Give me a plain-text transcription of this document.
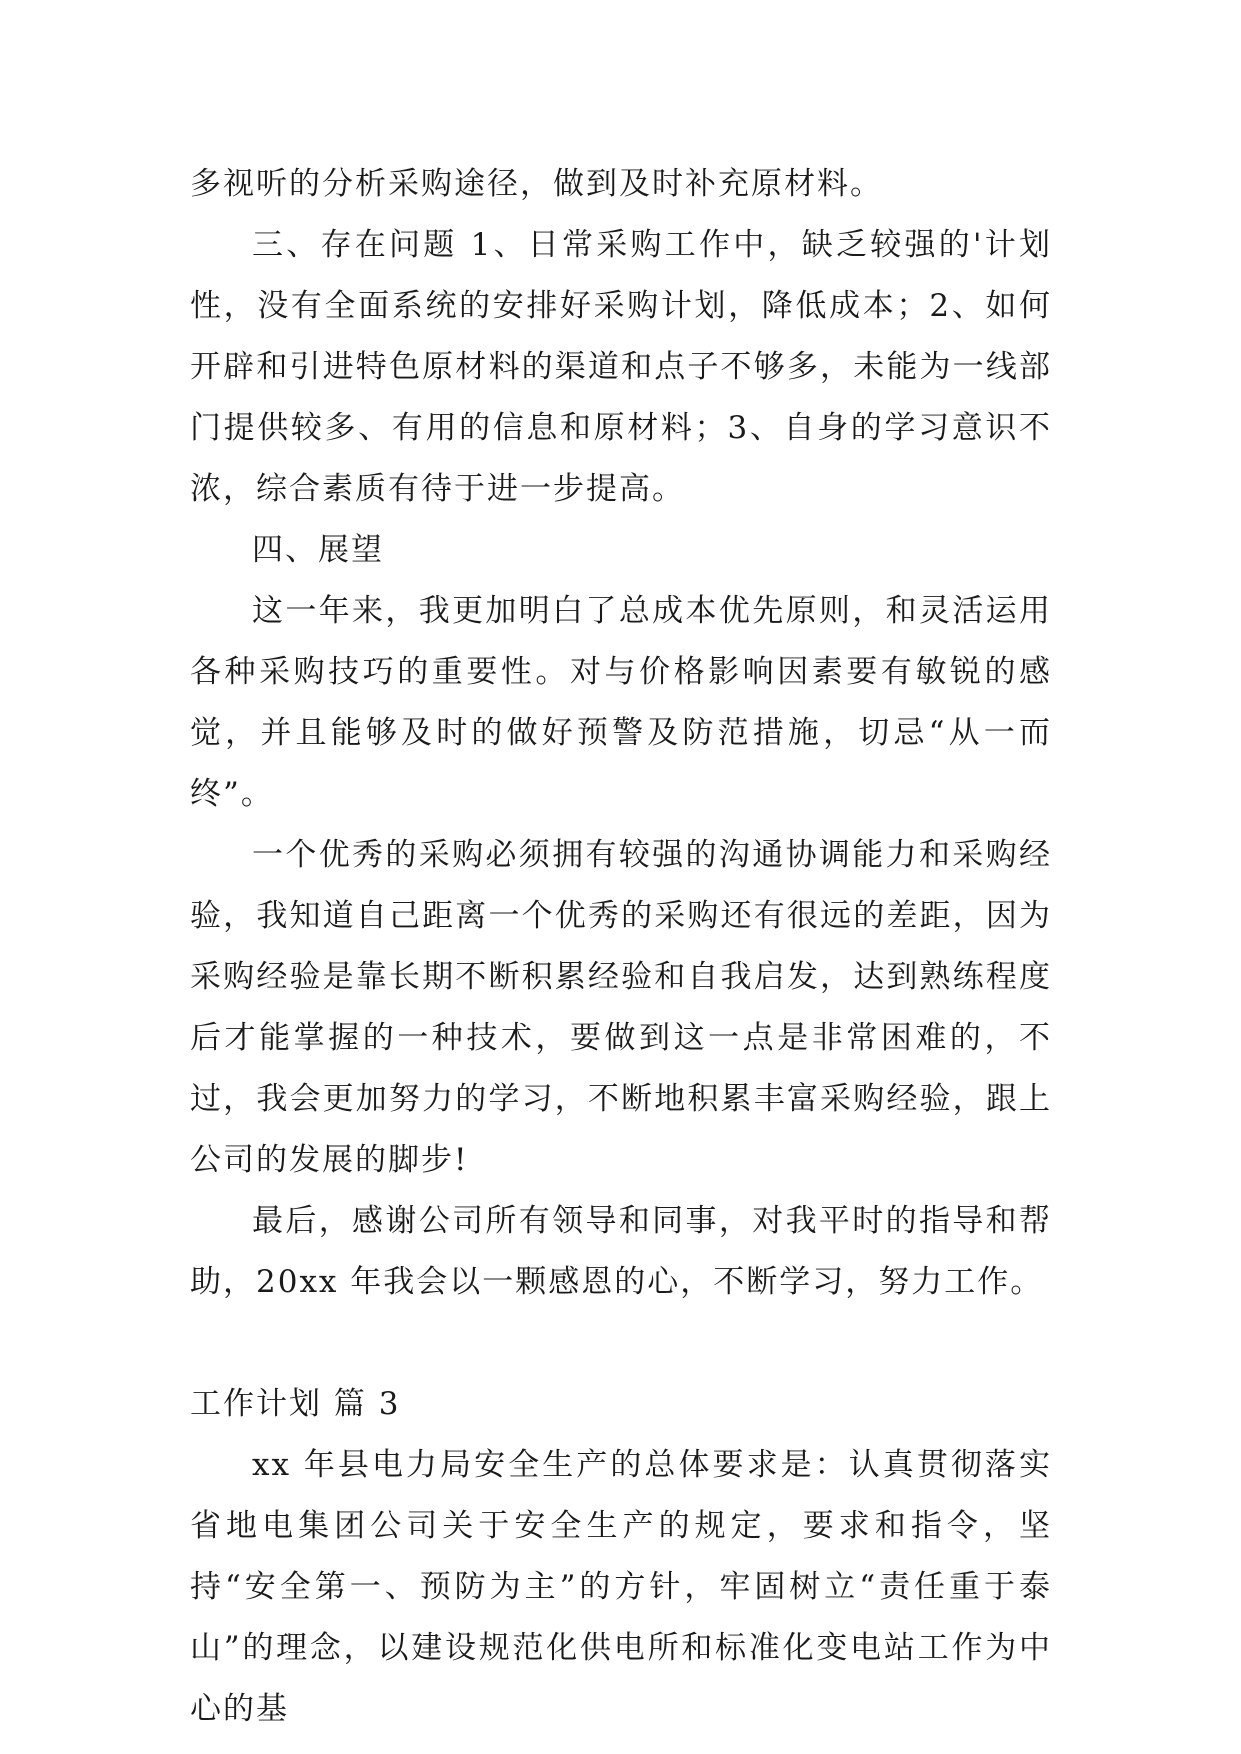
多视听的分析采购途径，做到及时补充原材料。

三、存在问题 1、日常采购工作中，缺乏较强的'计划性，没有全面系统的安排好采购计划，降低成本；2、如何开辟和引进特色原材料的渠道和点子不够多，未能为一线部门提供较多、有用的信息和原材料；3、自身的学习意识不浓，综合素质有待于进一步提高。

四、展望

这一年来，我更加明白了总成本优先原则，和灵活运用各种采购技巧的重要性。对与价格影响因素要有敏锐的感觉，并且能够及时的做好预警及防范措施，切忌“从一而终”。

一个优秀的采购必须拥有较强的沟通协调能力和采购经验，我知道自己距离一个优秀的采购还有很远的差距，因为采购经验是靠长期不断积累经验和自我启发，达到熟练程度后才能掌握的一种技术，要做到这一点是非常困难的，不过，我会更加努力的学习，不断地积累丰富采购经验，跟上公司的发展的脚步!

最后，感谢公司所有领导和同事，对我平时的指导和帮助，20xx 年我会以一颗感恩的心，不断学习，努力工作。

工作计划 篇 3

xx 年县电力局安全生产的总体要求是：认真贯彻落实省地电集团公司关于安全生产的规定，要求和指令，坚持“安全第一、预防为主”的方针，牢固树立“责任重于泰山”的理念，以建设规范化供电所和标准化变电站工作为中心的基
